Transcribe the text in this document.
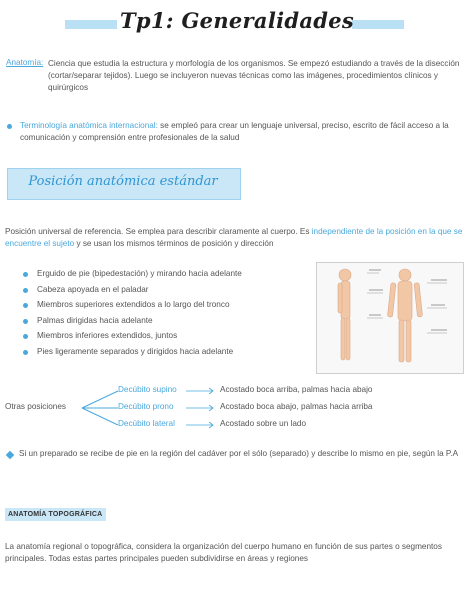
Tp1: Generalidades
Anatomía: Ciencia que estudia la estructura y morfología de los organismos. Se empezó estudiando a través de la disección (cortar/separar tejidos). Luego se incluyeron nuevas técnicas como las imágenes, procedimientos clínicos y quirúrgicos
Terminología anatómica internacional: se empleó para crear un lenguaje universal, preciso, escrito de fácil acceso a la comunicación y comprensión entre profesionales de la salud
Posición anatómica estándar
Posición universal de referencia. Se emplea para describir claramente al cuerpo. Es independiente de la posición en la que se encuentre el sujeto y se usan los mismos términos de posición y dirección
Erguido de pie (bipedestación) y mirando hacia adelante
Cabeza apoyada en el paladar
Miembros superiores extendidos a lo largo del tronco
Palmas dirigidas hacia adelante
Miembros inferiores extendidos, juntos
Pies ligeramente separados y dirigidos hacia adelante
Otras posiciones
Decúbito supino	Acostado boca arriba, palmas hacia abajo
Decúbito prono	Acostado boca abajo, palmas hacia arriba
Decúbito lateral	Acostado sobre un lado
Si un preparado se recibe de pie en la región del cadáver por el sólo (separado) y describe lo mismo en pie, según la P.A
ANATOMÍA TOPOGRÁFICA
La anatomía regional o topográfica, considera la organización del cuerpo humano en función de sus partes o segmentos principales. Todas estas partes principales pueden subdividirse en áreas y regiones
